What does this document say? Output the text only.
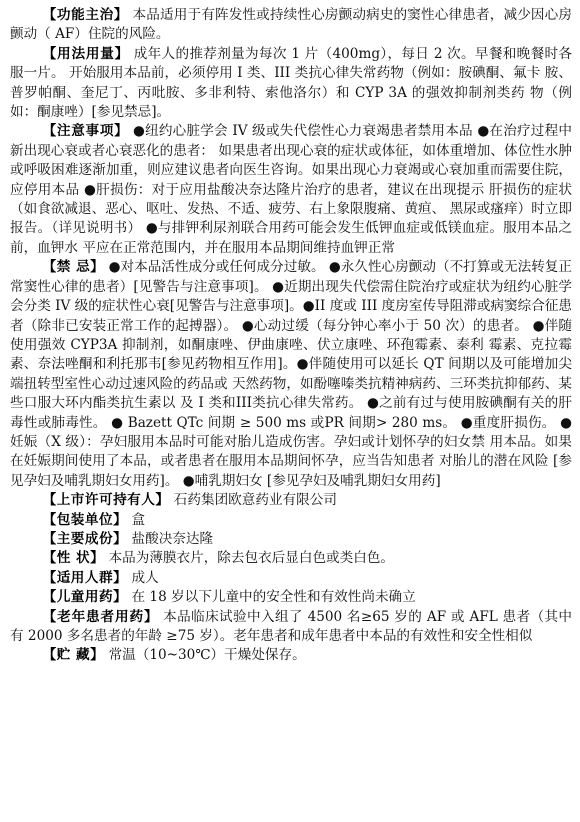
【功能主治】 本品适用于有阵发性或持续性心房颤动病史的窦性心律患者，减少因心房颤动（ AF）住院的风险。

【用法用量】 成年人的推荐剂量为每次 1 片（400mg），每日 2 次。早餐和晚餐时各服一片。 开始服用本品前，必须停用 I 类、III 类抗心律失常药物（例如：胺碘酮、氟卡 胺、普罗帕酮、奎尼丁、丙吡胺、多非利特、索他洛尔）和 CYP 3A 的强效抑制剂类药 物（例如：酮康唑）[参见禁忌]。

【注意事项】 ●纽约心脏学会 IV 级或失代偿性心力衰竭患者禁用本品 ●在治疗过程中新出现心衰或者心衰恶化的患者： 如果患者出现心衰的症状或体征，如体重增加、体位性水肿或呼吸困难逐渐加重，则应建议患者向医生咨询。如果出现心力衰竭或心衰加重而需要住院，应停用本品 ●肝损伤：对于应用盐酸决奈达隆片治疗的患者，建议在出现提示 肝损伤的症状（如食欲减退、恶心、呕吐、发热、不适、疲劳、右上象限腹痛、黄疸、 黑尿或瘙痒）时立即报告。（详见说明书） ●与排钾利尿剂联合用药可能会发生低钾血症或低镁血症。服用本品之前，血钾水 平应在正常范围内，并在服用本品期间维持血钾正常

【禁 忌】 ●对本品活性成分或任何成分过敏。 ●永久性心房颤动（不打算或无法转复正常窦性心律的患者）[见警告与注意事项]。 ●近期出现失代偿需住院治疗或症状为纽约心脏学会分类 IV 级的症状性心衰[见警告与注意事项]。●II 度或 III 度房室传导阻滞或病窦综合征患者（除非已安装正常工作的起搏器）。 ●心动过缓（每分钟心率小于 50 次）的患者。 ●伴随使用强效 CYP3A 抑制剂，如酮康唑、伊曲康唑、伏立康唑、环孢霉素、泰利 霉素、克拉霉素、奈法唑酮和利托那韦[参见药物相互作用]。●伴随使用可以延长 QT 间期以及可能增加尖端扭转型室性心动过速风险的药品或 天然药物，如酚噻嗪类抗精神病药、三环类抗抑郁药、某些口服大环内酯类抗生素以 及 I 类和III类抗心律失常药。 ●之前有过与使用胺碘酮有关的肝毒性或肺毒性。 ● Bazett QTc 间期 ≥ 500 ms 或PR 间期> 280 ms。 ●重度肝损伤。 ●妊娠（X 级）：孕妇服用本品时可能对胎儿造成伤害。孕妇或计划怀孕的妇女禁 用本品。如果在妊娠期间使用了本品，或者患者在服用本品期间怀孕，应当告知患者 对胎儿的潜在风险 [参见孕妇及哺乳期妇女用药]。 ●哺乳期妇女 [参见孕妇及哺乳期妇女用药]

【上市许可持有人】 石药集团欧意药业有限公司

【包装单位】 盒

【主要成份】 盐酸决奈达隆

【性 状】 本品为薄膜衣片，除去包衣后显白色或类白色。

【适用人群】 成人

【儿童用药】 在 18 岁以下儿童中的安全性和有效性尚未确立

【老年患者用药】 本品临床试验中入组了 4500 名≥65 岁的 AF 或 AFL 患者（其中有 2000 多名患者的年龄 ≥75 岁）。老年患者和成年患者中本品的有效性和安全性相似

【贮 藏】 常温（10~30℃）干燥处保存。
